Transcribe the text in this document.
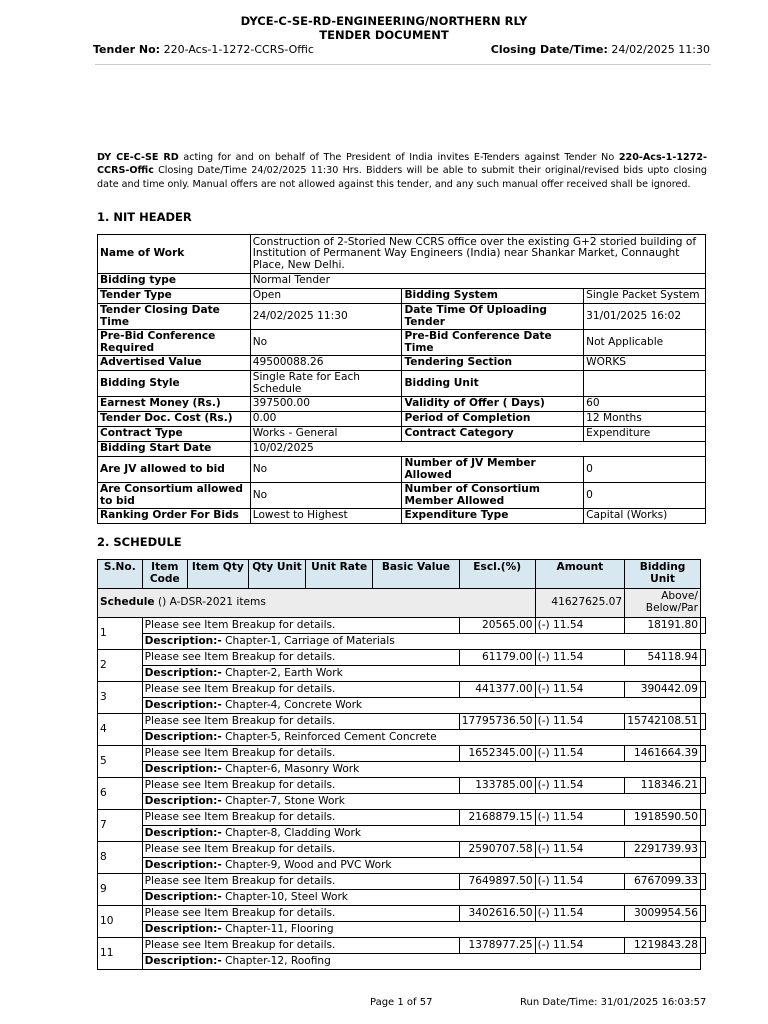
DYCE-C-SE-RD-ENGINEERING/NORTHERN RLY
TENDER DOCUMENT
Tender No: 220-Acs-1-1272-CCRS-Offic	Closing Date/Time: 24/02/2025 11:30
DY CE-C-SE RD acting for and on behalf of The President of India invites E-Tenders against Tender No 220-Acs-1-1272-CCRS-Offic Closing Date/Time 24/02/2025 11:30 Hrs. Bidders will be able to submit their original/revised bids upto closing date and time only. Manual offers are not allowed against this tender, and any such manual offer received shall be ignored.
1. NIT HEADER
Name of Work	Construction of 2-Storied New CCRS office over the existing G+2 storied building of Institution of Permanent Way Engineers (India) near Shankar Market, Connaught Place, New Delhi.		
Bidding type	Normal Tender		
Tender Type	Open	Bidding System	Single Packet System
Tender Closing Date Time	24/02/2025 11:30	Date Time Of Uploading Tender	31/01/2025 16:02
Pre-Bid Conference Required	No	Pre-Bid Conference Date Time	Not Applicable
Advertised Value	49500088.26	Tendering Section	WORKS
Bidding Style	Single Rate for Each Schedule	Bidding Unit	
Earnest Money (Rs.)	397500.00	Validity of Offer ( Days)	60
Tender Doc. Cost (Rs.)	0.00	Period of Completion	12 Months
Contract Type	Works - General	Contract Category	Expenditure
Bidding Start Date	10/02/2025		
Are JV allowed to bid	No	Number of JV Member Allowed	0
Are Consortium allowed to bid	No	Number of Consortium Member Allowed	0
Ranking Order For Bids	Lowest to Highest	Expenditure Type	Capital (Works)
2. SCHEDULE
S.No.	Item Code	Item Qty	Qty Unit	Unit Rate	Basic Value	Escl.(%)	Amount	Bidding Unit	
Schedule () A-DSR-2021 items							41627625.07	Above/ Below/Par	
1	Please see Item Breakup for details.					20565.00	(-) 11.54	18191.80	
	Description:- Chapter-1, Carriage of Materials								
2	Please see Item Breakup for details.					61179.00	(-) 11.54	54118.94	
	Description:- Chapter-2, Earth Work								
3	Please see Item Breakup for details.					441377.00	(-) 11.54	390442.09	
	Description:- Chapter-4, Concrete Work								
4	Please see Item Breakup for details.					17795736.50	(-) 11.54	15742108.51	
	Description:- Chapter-5, Reinforced Cement Concrete								
5	Please see Item Breakup for details.					1652345.00	(-) 11.54	1461664.39	
	Description:- Chapter-6, Masonry Work								
6	Please see Item Breakup for details.					133785.00	(-) 11.54	118346.21	
	Description:- Chapter-7, Stone Work								
7	Please see Item Breakup for details.					2168879.15	(-) 11.54	1918590.50	
	Description:- Chapter-8, Cladding Work								
8	Please see Item Breakup for details.					2590707.58	(-) 11.54	2291739.93	
	Description:- Chapter-9, Wood and PVC Work								
9	Please see Item Breakup for details.					7649897.50	(-) 11.54	6767099.33	
	Description:- Chapter-10, Steel Work								
10	Please see Item Breakup for details.					3402616.50	(-) 11.54	3009954.56	
	Description:- Chapter-11, Flooring								
11	Please see Item Breakup for details.					1378977.25	(-) 11.54	1219843.28	
	Description:- Chapter-12, Roofing								
Page 1 of 57	Run Date/Time: 31/01/2025 16:03:57
